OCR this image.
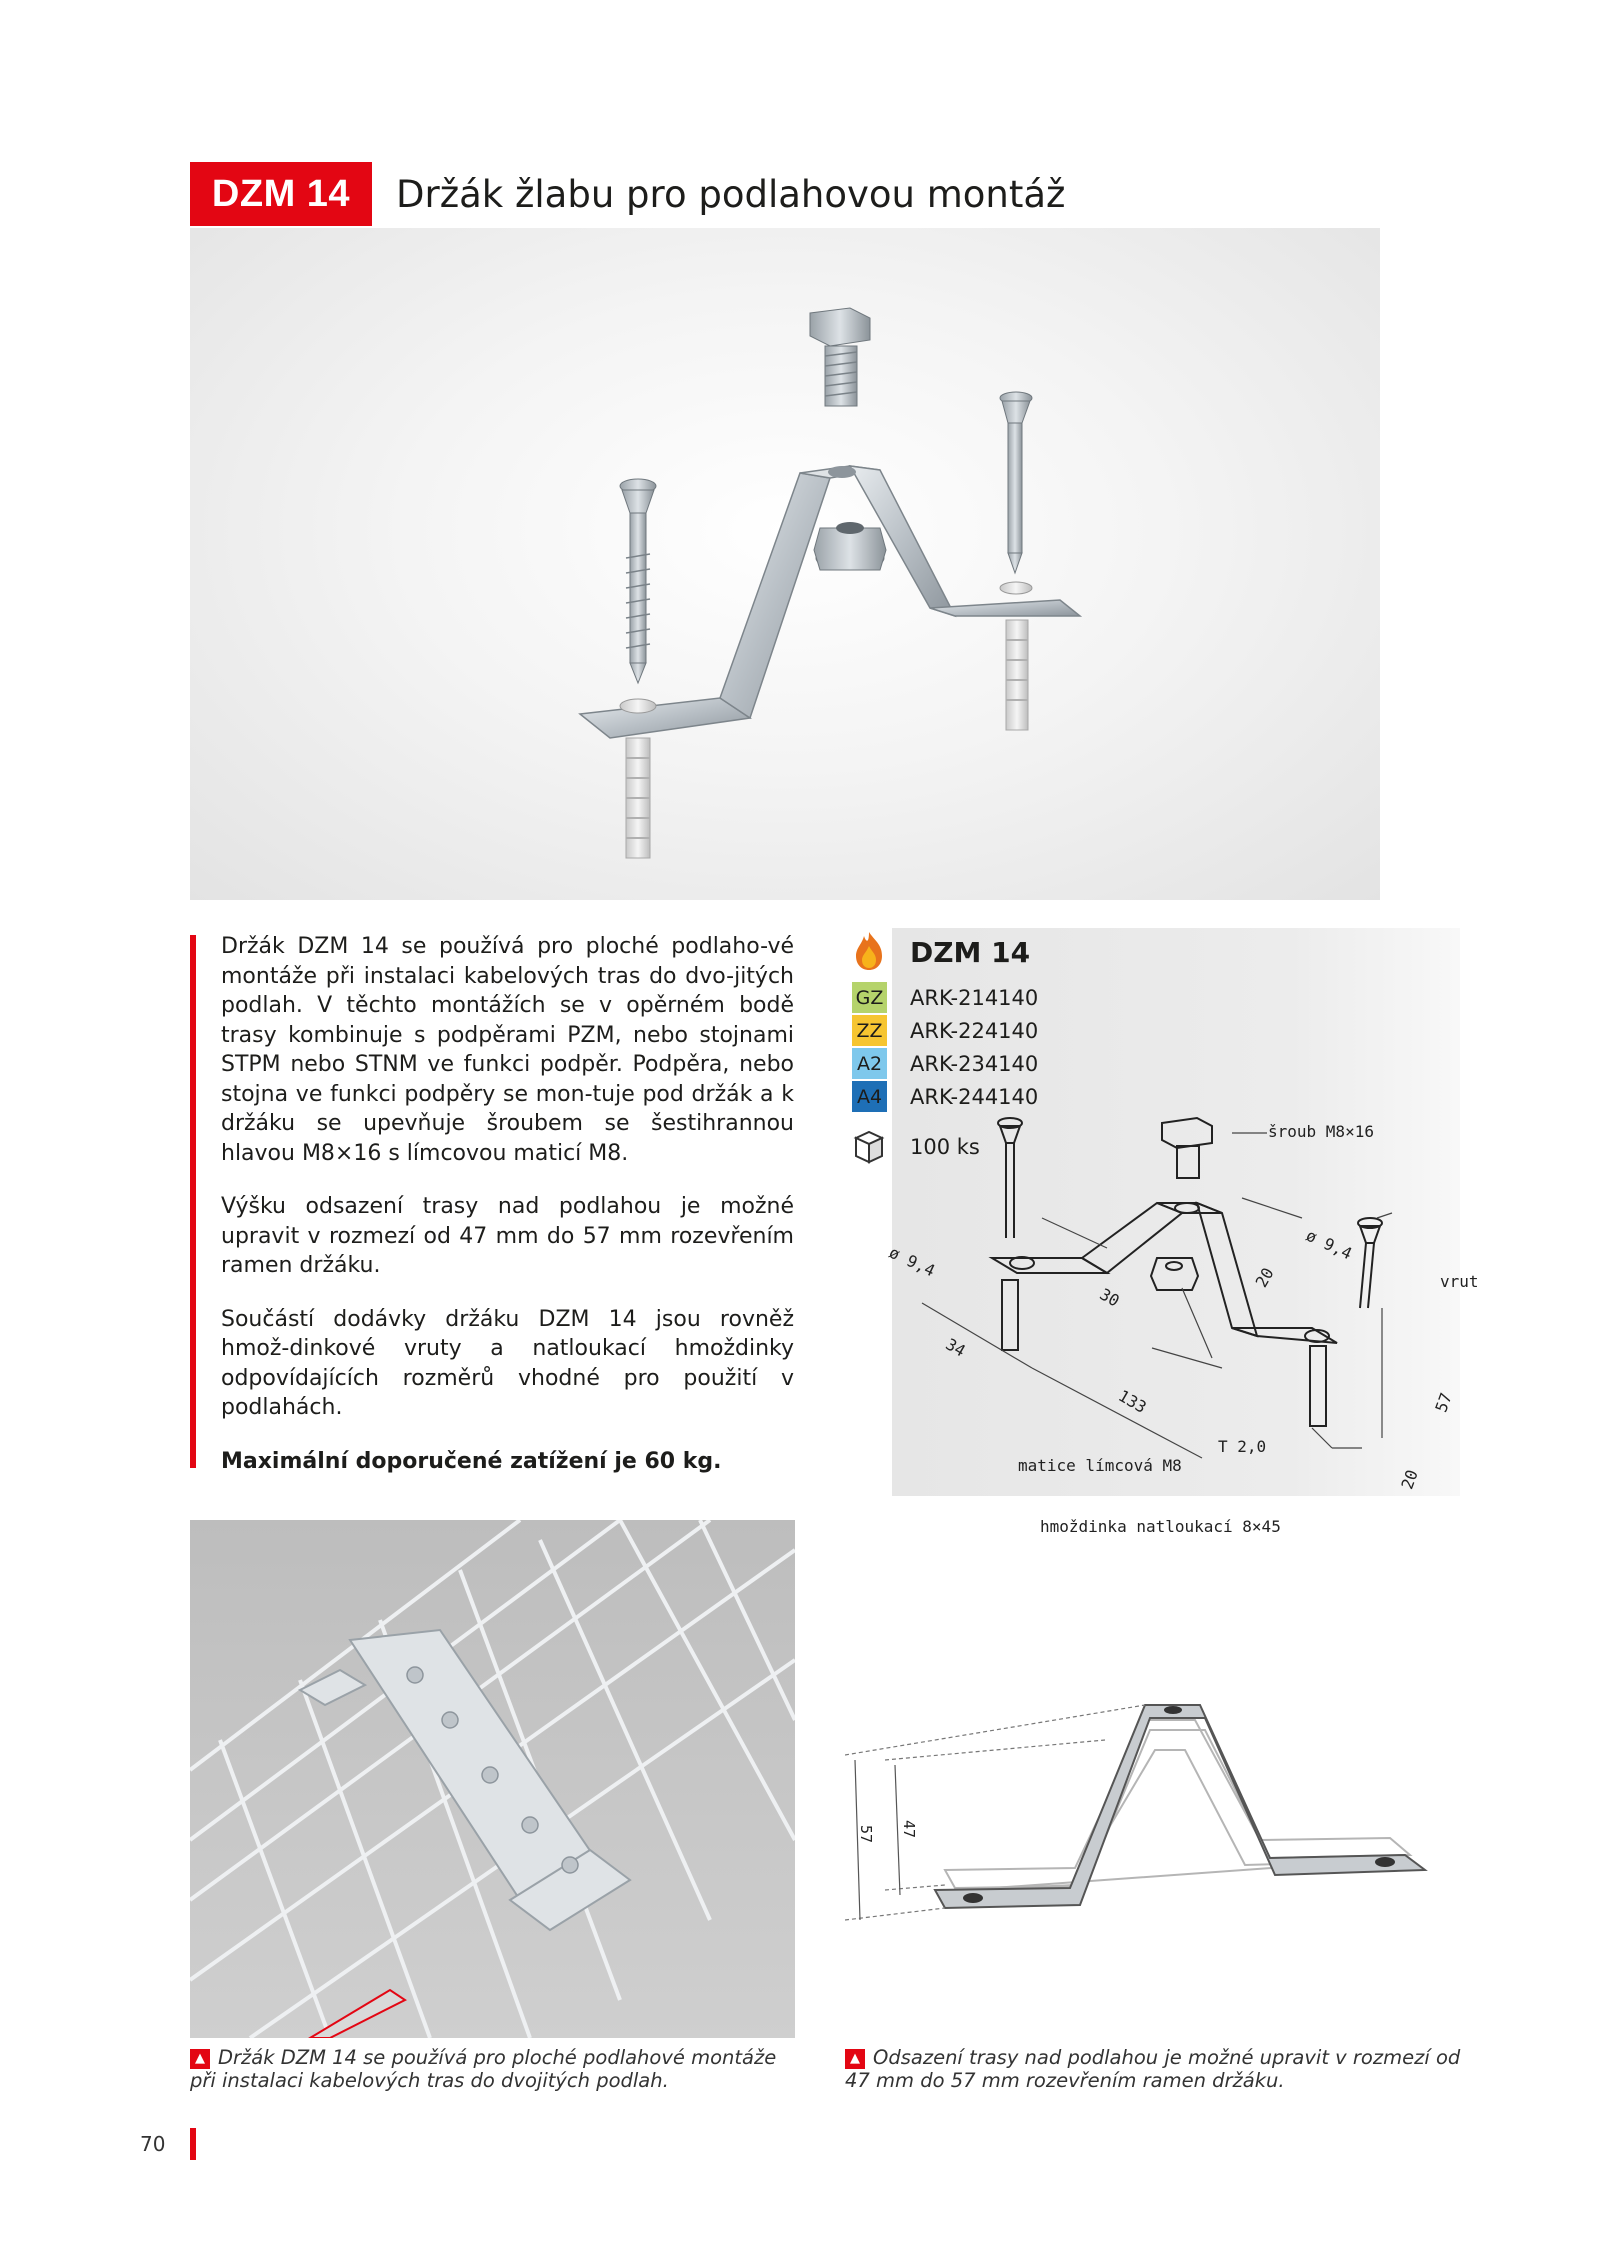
DZM 14	Držák žlabu pro podlahovou montáž

Držák DZM 14 se používá pro ploché podlaho-vé montáže při instalaci kabelových tras do dvo-jitých podlah. V těchto montážích se v opěrném bodě trasy kombinuje s podpěrami PZM, nebo stojnami STPM nebo STNM ve funkci podpěr. Podpěra, nebo stojna ve funkci podpěry se mon-tuje pod držák a k držáku se upevňuje šroubem se šestihrannou hlavou M8×16 s límcovou maticí M8.

Výšku odsazení trasy nad podlahou je možné upravit v rozmezí od 47 mm do 57 mm rozevřením ramen držáku.

Součástí dodávky držáku DZM 14 jsou rovněž hmož-dinkové vruty a natloukací hmoždinky odpovídajících rozměrů vhodné pro použití v podlahách.

Maximální doporučené zatížení je 60 kg.

DZM 14
GZ ARK-214140
ZZ ARK-224140
A2 ARK-234140
A4 ARK-244140
100 ks
šroub M8×16
vrut
matice límcová M8
hmoždinka natloukací 8×45
ø 9,4	ø 9,4
30
20
34
133
T 2,0
57
20
57 47
▲ Držák DZM 14 se používá pro ploché podlahové montáže při instalaci kabelových tras do dvojitých podlah.
▲ Odsazení trasy nad podlahou je možné upravit v rozmezí od 47 mm do 57 mm rozevřením ramen držáku.
70
